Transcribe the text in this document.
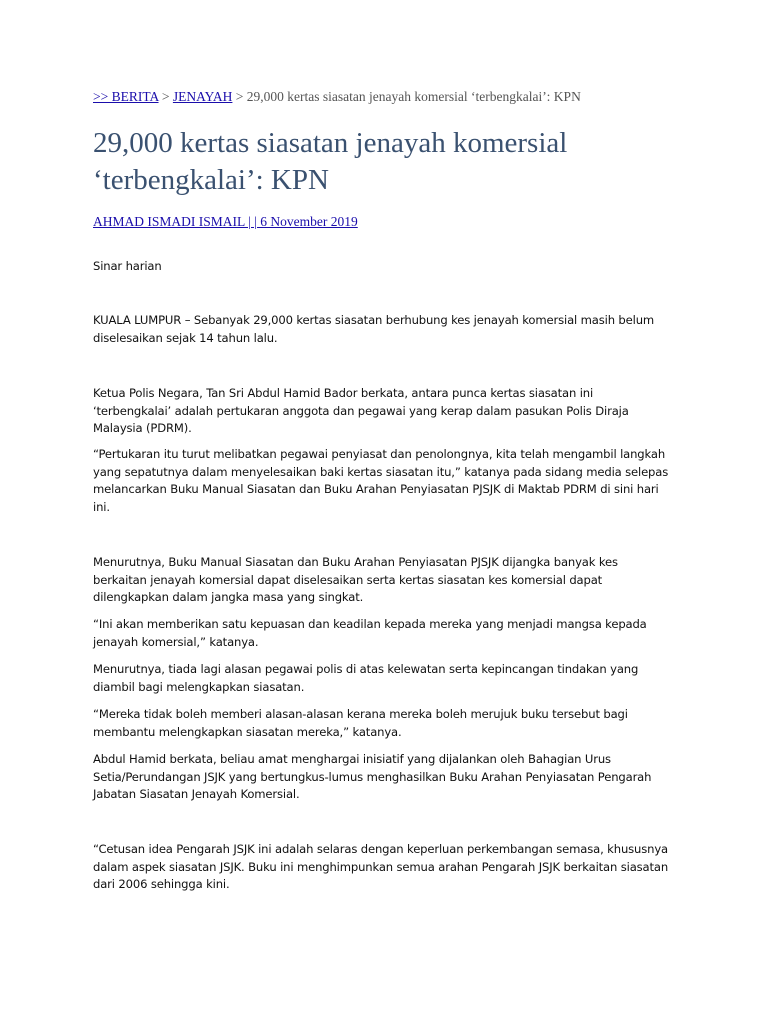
>> BERITA > JENAYAH > 29,000 kertas siasatan jenayah komersial ‘terbengkalai’: KPN
29,000 kertas siasatan jenayah komersial ‘terbengkalai’: KPN
AHMAD ISMADI ISMAIL | | 6 November 2019

Sinar harian

KUALA LUMPUR – Sebanyak 29,000 kertas siasatan berhubung kes jenayah komersial masih belum diselesaikan sejak 14 tahun lalu.

Ketua Polis Negara, Tan Sri Abdul Hamid Bador berkata, antara punca kertas siasatan ini ‘terbengkalai’ adalah pertukaran anggota dan pegawai yang kerap dalam pasukan Polis Diraja Malaysia (PDRM).

“Pertukaran itu turut melibatkan pegawai penyiasat dan penolongnya, kita telah mengambil langkah yang sepatutnya dalam menyelesaikan baki kertas siasatan itu,” katanya pada sidang media selepas melancarkan Buku Manual Siasatan dan Buku Arahan Penyiasatan PJSJK di Maktab PDRM di sini hari ini.

Menurutnya, Buku Manual Siasatan dan Buku Arahan Penyiasatan PJSJK dijangka banyak kes berkaitan jenayah komersial dapat diselesaikan serta kertas siasatan kes komersial dapat dilengkapkan dalam jangka masa yang singkat.

“Ini akan memberikan satu kepuasan dan keadilan kepada mereka yang menjadi mangsa kepada jenayah komersial,” katanya.

Menurutnya, tiada lagi alasan pegawai polis di atas kelewatan serta kepincangan tindakan yang diambil bagi melengkapkan siasatan.

“Mereka tidak boleh memberi alasan-alasan kerana mereka boleh merujuk buku tersebut bagi membantu melengkapkan siasatan mereka,” katanya.

Abdul Hamid berkata, beliau amat menghargai inisiatif yang dijalankan oleh Bahagian Urus Setia/Perundangan JSJK yang bertungkus-lumus menghasilkan Buku Arahan Penyiasatan Pengarah Jabatan Siasatan Jenayah Komersial.

“Cetusan idea Pengarah JSJK ini adalah selaras dengan keperluan perkembangan semasa, khususnya dalam aspek siasatan JSJK. Buku ini menghimpunkan semua arahan Pengarah JSJK berkaitan siasatan dari 2006 sehingga kini.
